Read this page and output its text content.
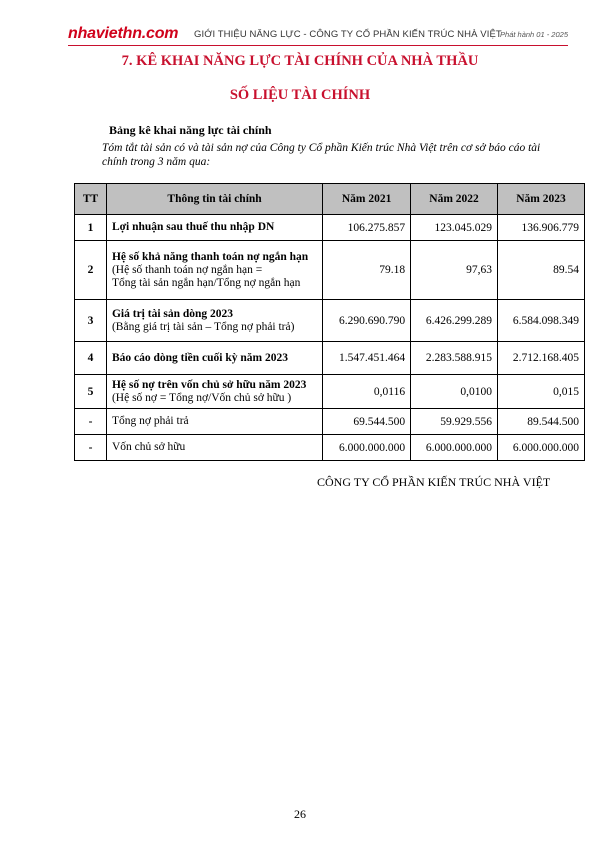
nhaviethn.com GIỚI THIỆU NĂNG LỰC - CÔNG TY CỔ PHẦN KIẾN TRÚC NHÀ VIỆT
Phát hành 01 - 2025
7. KÊ KHAI NĂNG LỰC TÀI CHÍNH CỦA NHÀ THẦU
SỐ LIỆU TÀI CHÍNH
Bảng kê khai năng lực tài chính
Tóm tắt tài sản có và tài sản nợ của Công ty Cổ phần Kiến trúc Nhà Việt trên cơ sở báo cáo tài chính trong 3 năm qua:
TT	Thông tin tài chính	Năm 2021	Năm 2022	Năm 2023
1	Lợi nhuận sau thuế thu nhập DN	106.275.857	123.045.029	136.906.779
2	Hệ số khả năng thanh toán nợ ngắn hạn
(Hệ số thanh toán nợ ngắn hạn =
Tổng tài sản ngắn hạn/Tổng nợ ngắn hạn	79.18	97,63	89.54
3	Giá trị tài sản dòng 2023
(Bằng giá trị tài sản – Tổng nợ phải trả)	6.290.690.790	6.426.299.289	6.584.098.349
4	Báo cáo dòng tiền cuối kỳ năm 2023	1.547.451.464	2.283.588.915	2.712.168.405
5	Hệ số nợ trên vốn chủ sở hữu năm 2023
(Hệ số nợ = Tổng nợ/Vốn chủ sở hữu )	0,0116	0,0100	0,015
-	Tổng nợ phải trả	69.544.500	59.929.556	89.544.500
-	Vốn chủ sở hữu	6.000.000.000	6.000.000.000	6.000.000.000
CÔNG TY CỔ PHẦN KIẾN TRÚC NHÀ VIỆT
26
